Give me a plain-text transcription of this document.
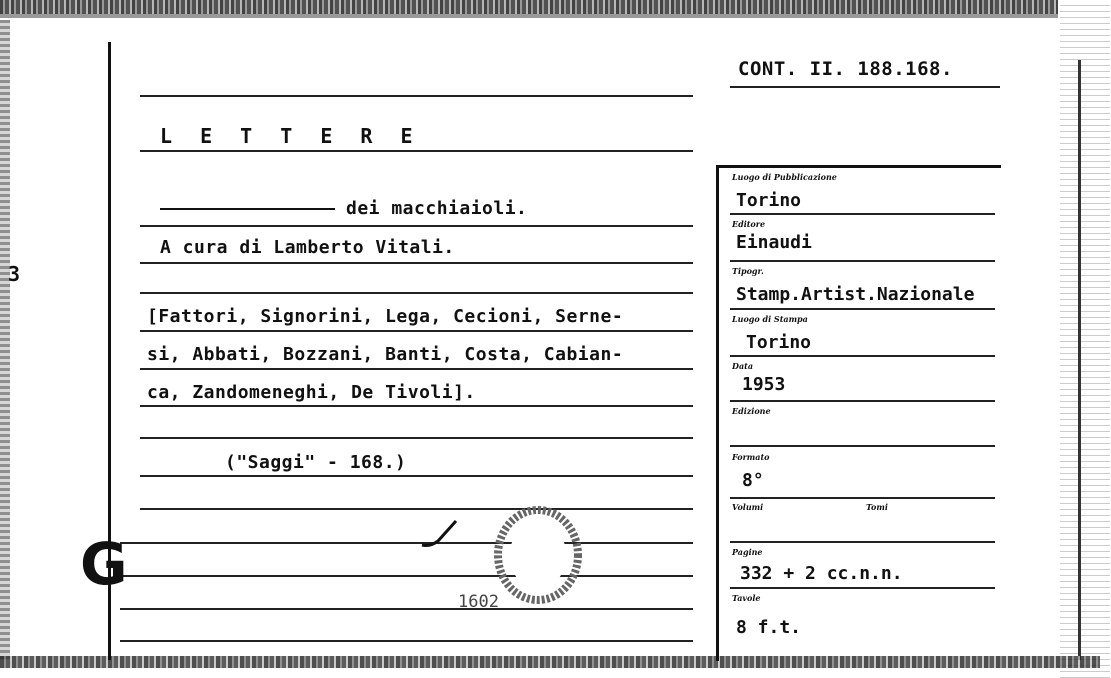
3
CONT. II. 188.168.
L E T T E R E
dei macchiaioli.
A cura di Lamberto Vitali.
[Fattori, Signorini, Lega, Cecioni, Serne-
si, Abbati, Bozzani, Banti, Costa, Cabian-
ca, Zandomeneghi, De Tivoli].
("Saggi" - 168.)
G
1602
Luogo di Pubblicazione
Torino
Editore
Einaudi
Tipogr.
Stamp.Artist.Nazionale
Luogo di Stampa
Torino
Data
1953
Edizione
Formato
8°
Volumi	Tomi
Pagine
332 + 2 cc.n.n.
Tavole
8 f.t.
